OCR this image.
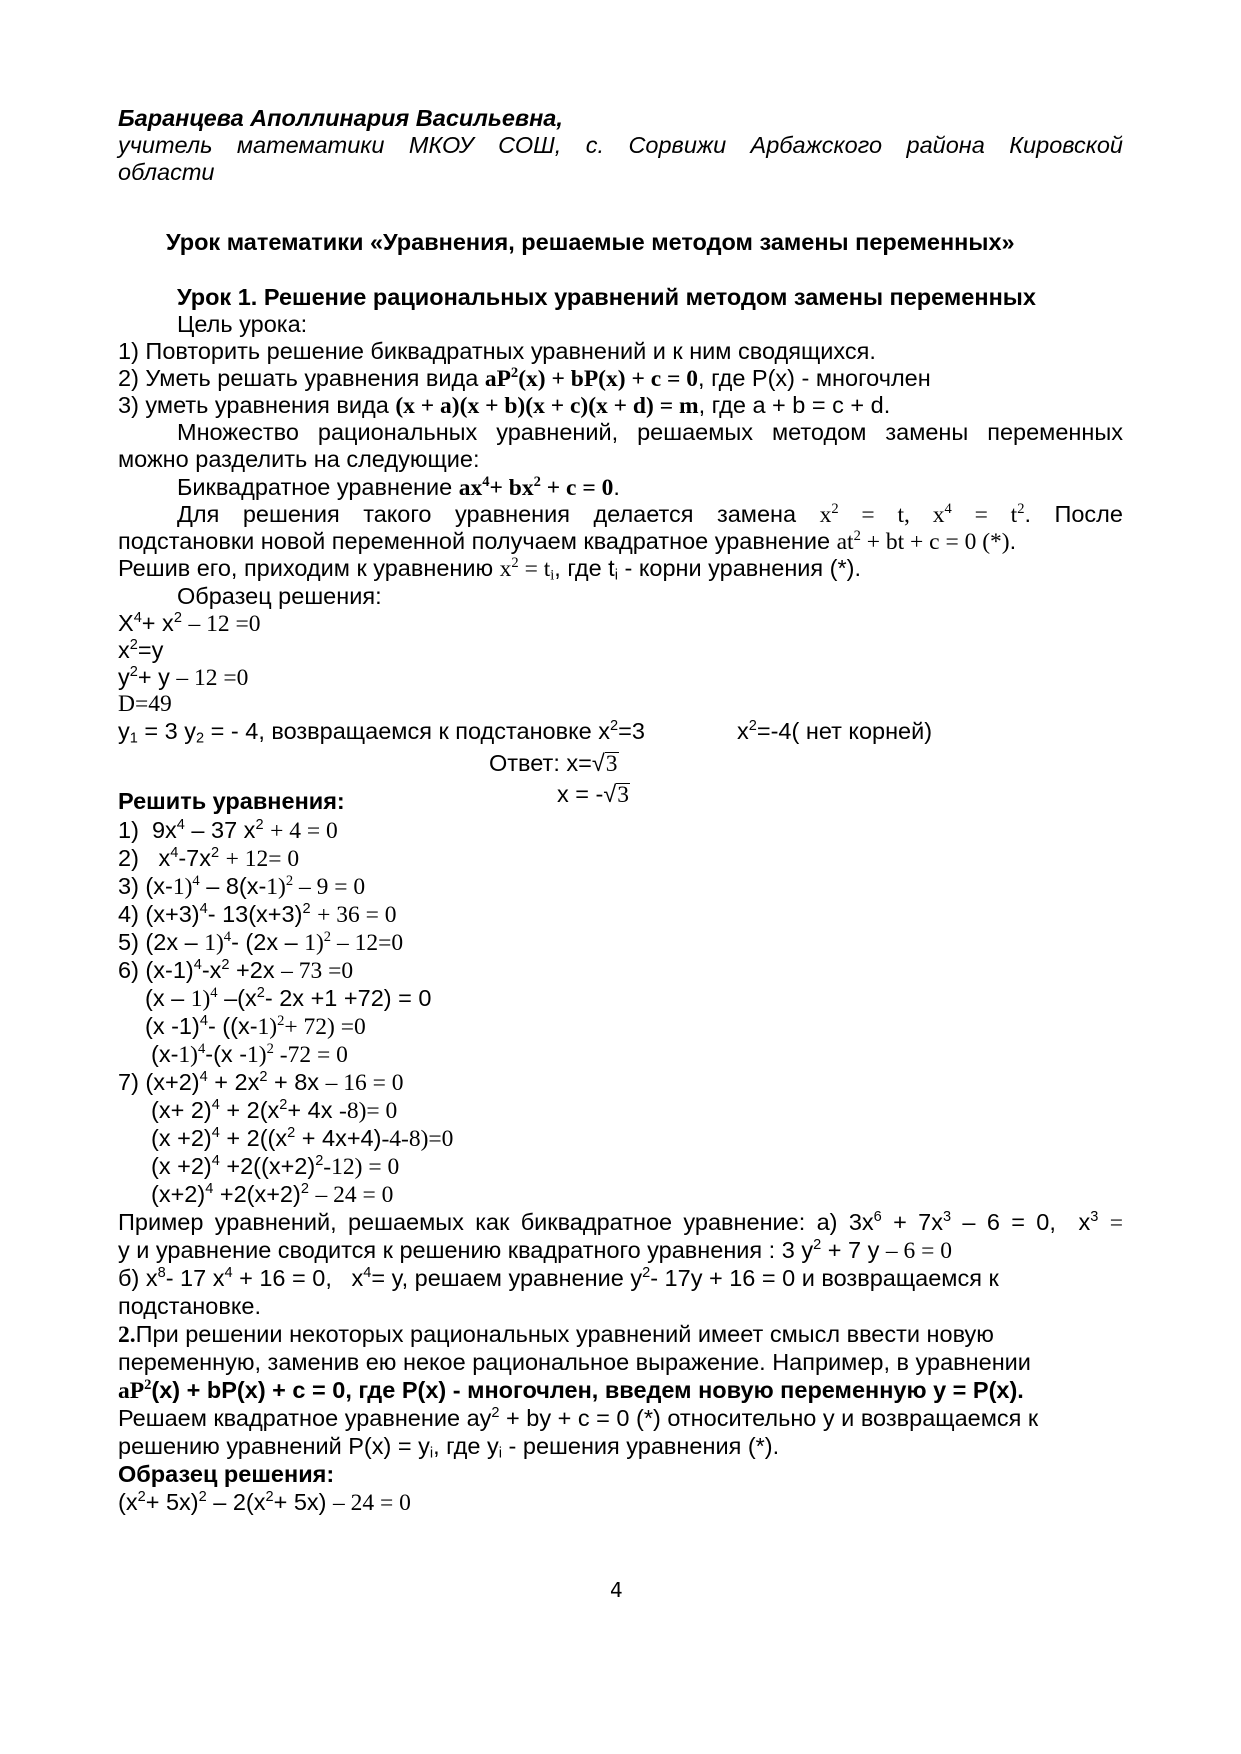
Баранцева Аполлинария Васильевна,
учитель математики МКОУ СОШ, с. Сорвижи Арбажского района Кировской
области
Урок математики «Уравнения, решаемые методом замены переменных»
Урок 1. Решение рациональных уравнений методом замены переменных
Цель урока:
1) Повторить решение биквадратных уравнений и к ним сводящихся.
2) Уметь решать уравнения вида $aP^2(x) + bP(x) + c = 0$, где P(x) - многочлен
3) уметь уравнения вида (x + a)(x + b)(x + c)(x + d) = m, где a + b = c + d.
Множество рациональных уравнений, решаемых методом замены переменных
можно разделить на следующие:
Биквадратное уравнение $ax^4+ bx^2 + c = 0$.
Для решения такого уравнения делается замена $x^2 = t$, $x^4 = t^2$. После
подстановки новой переменной получаем квадратное уравнение $at^2$ + bt + c = 0 (*).
Решив его, приходим к уравнению $x^2 = t_i$, где $t_i$ - корни уравнения (*).
Образец решения:
$X^4+ x^2 - 12 =0$
$x^2=y$
$y^2+ y - 12 =0$
D=49
$y_1 = 3$ $y_2$ = - 4, возвращаемся к подстановке $x^2=3$	$x^2=-4$( нет корней)
Ответ: x=√3
x = -√3
Решить уравнения:
1)  $9x^4 - 37$ $x^2 + 4 = 0$
2)   $x^4-7x^2 + 12= 0$
3) $(x-1)^4 - 8(x-1)^2 - 9 = 0$
4) $(x+3)^4-$ $13(x+3)^2 + 36 = 0$
5) (2x – 1)$^4$- (2x – 1)$^2$ – 12=0
6) $(x-1)^4-x^2 +2x - 73 =0$
(x – 1)$^4$ $-(x^2-$ 2x +1 +72) = 0
(x -1)$^4$- $((x-1)^2+ 72) =0$
$(x-1)^4-(x$ -1)$^2$ -72 = 0
7) $(x+2)^4 + 2x^2 + 8x - 16 = 0$
$(x+ 2)^4 + 2(x^2+ 4x$ -8)= 0
$(x +2)^4 + 2((x^2 + 4x+4)-4-8)=0$
$(x +2)^4 +2((x+2)^2-12) = 0$
$(x+2)^4 +2(x+2)^2 - 24 = 0$
Пример уравнений, решаемых как биквадратное уравнение: а) $3x^6 + 7x^3 - 6 = 0$,  $x^3$ =
у и уравнение сводится к решению квадратного уравнения : 3 $y^2 + 7$ y – 6 = 0
б) $x^8-$ 17 $x^4 + 16 = 0$,   $x^4= y$, решаем уравнение $y^2-$ 17y + 16 = 0 и возвращаемся к
подстановке.
2.При решении некоторых рациональных уравнений имеет смысл ввести новую
переменную, заменив ею некое рациональное выражение. Например, в уравнении
$aP^2(x) + bP(x) + c = 0$, где P(x) - многочлен, введем новую переменную y = P(x).
Решаем квадратное уравнение $ay^2$ + by + c = 0 (*) относительно y и возвращаемся к
решению уравнений $P(x) = y_i$, где $y_i$ - решения уравнения (*).
Образец решения:
$(x^2+ 5x)^2 - 2(x^2+ 5x) - 24 = 0$
4
